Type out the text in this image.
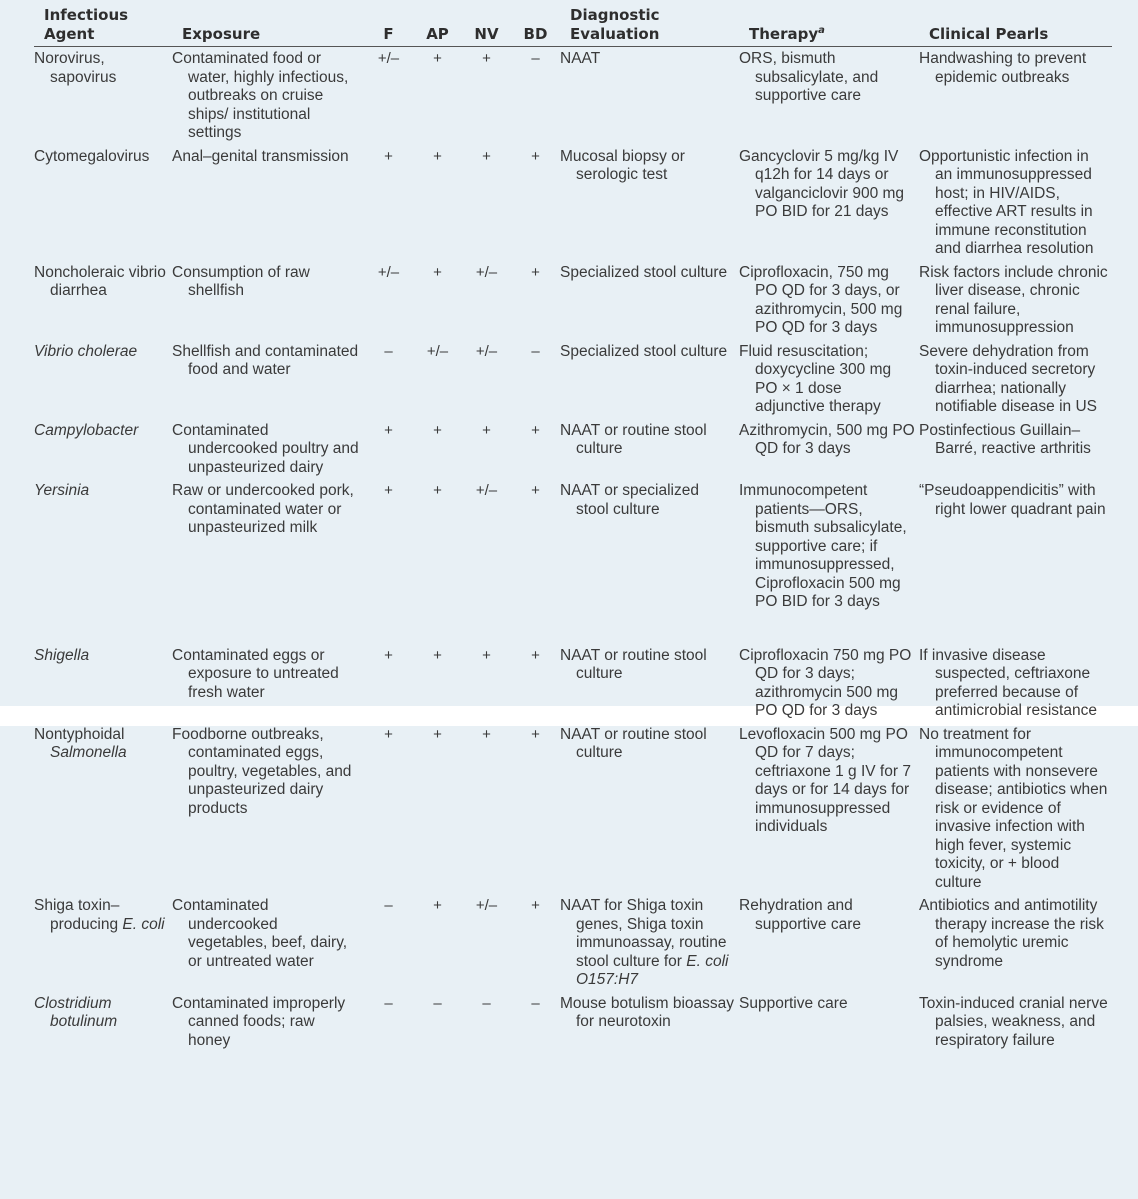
Infectious Agent	Exposure	F	AP	NV	BD	Diagnostic Evaluation	Therapy$^a$	Clinical Pearls
Norovirus, sapovirus	Contaminated food or water, highly infectious, outbreaks on cruise ships/ institutional settings	+/–	+	+	–	NAAT	ORS, bismuth subsalicylate, and supportive care	Handwashing to prevent epidemic outbreaks
Cytomegalovirus	Anal–genital transmission	+	+	+	+	Mucosal biopsy or serologic test	Gancyclovir 5 mg/kg IV q12h for 14 days or valganciclovir 900 mg PO BID for 21 days	Opportunistic infection in an immunosuppressed host; in HIV/AIDS, effective ART results in immune reconstitution and diarrhea resolution
Noncholeraic vibrio diarrhea	Consumption of raw shellfish	+/–	+	+/–	+	Specialized stool culture	Ciprofloxacin, 750 mg PO QD for 3 days, or azithromycin, 500 mg PO QD for 3 days	Risk factors include chronic liver disease, chronic renal failure, immunosuppression
Vibrio cholerae	Shellfish and contaminated food and water	–	+/–	+/–	–	Specialized stool culture	Fluid resuscitation; doxycycline 300 mg PO × 1 dose adjunctive therapy	Severe dehydration from toxin-induced secretory diarrhea; nationally notifiable disease in US
Campylobacter	Contaminated undercooked poultry and unpasteurized dairy	+	+	+	+	NAAT or routine stool culture	Azithromycin, 500 mg PO QD for 3 days	Postinfectious Guillain–Barré, reactive arthritis
Yersinia	Raw or undercooked pork, contaminated water or unpasteurized milk	+	+	+/–	+	NAAT or specialized stool culture	Immunocompetent patients—ORS, bismuth subsalicylate, supportive care; if immunosuppressed, Ciprofloxacin 500 mg PO BID for 3 days	“Pseudoappendicitis” with right lower quadrant pain

Shigella	Contaminated eggs or exposure to untreated fresh water	+	+	+	+	NAAT or routine stool culture	Ciprofloxacin 750 mg PO QD for 3 days; azithromycin 500 mg PO QD for 3 days	If invasive disease suspected, ceftriaxone preferred because of antimicrobial resistance
Nontyphoidal Salmonella	Foodborne outbreaks, contaminated eggs, poultry, vegetables, and unpasteurized dairy products	+	+	+	+	NAAT or routine stool culture	Levofloxacin 500 mg PO QD for 7 days; ceftriaxone 1 g IV for 7 days or for 14 days for immunosuppressed individuals	No treatment for immunocompetent patients with nonsevere disease; antibiotics when risk or evidence of invasive infection with high fever, systemic toxicity, or + blood culture
Shiga toxin–producing E. coli	Contaminated undercooked vegetables, beef, dairy, or untreated water	–	+	+/–	+	NAAT for Shiga toxin genes, Shiga toxin immunoassay, routine stool culture for E. coli O157:H7	Rehydration and supportive care	Antibiotics and antimotility therapy increase the risk of hemolytic uremic syndrome
Clostridium botulinum	Contaminated improperly canned foods; raw honey	–	–	–	–	Mouse botulism bioassay for neurotoxin	Supportive care	Toxin-induced cranial nerve palsies, weakness, and respiratory failure
